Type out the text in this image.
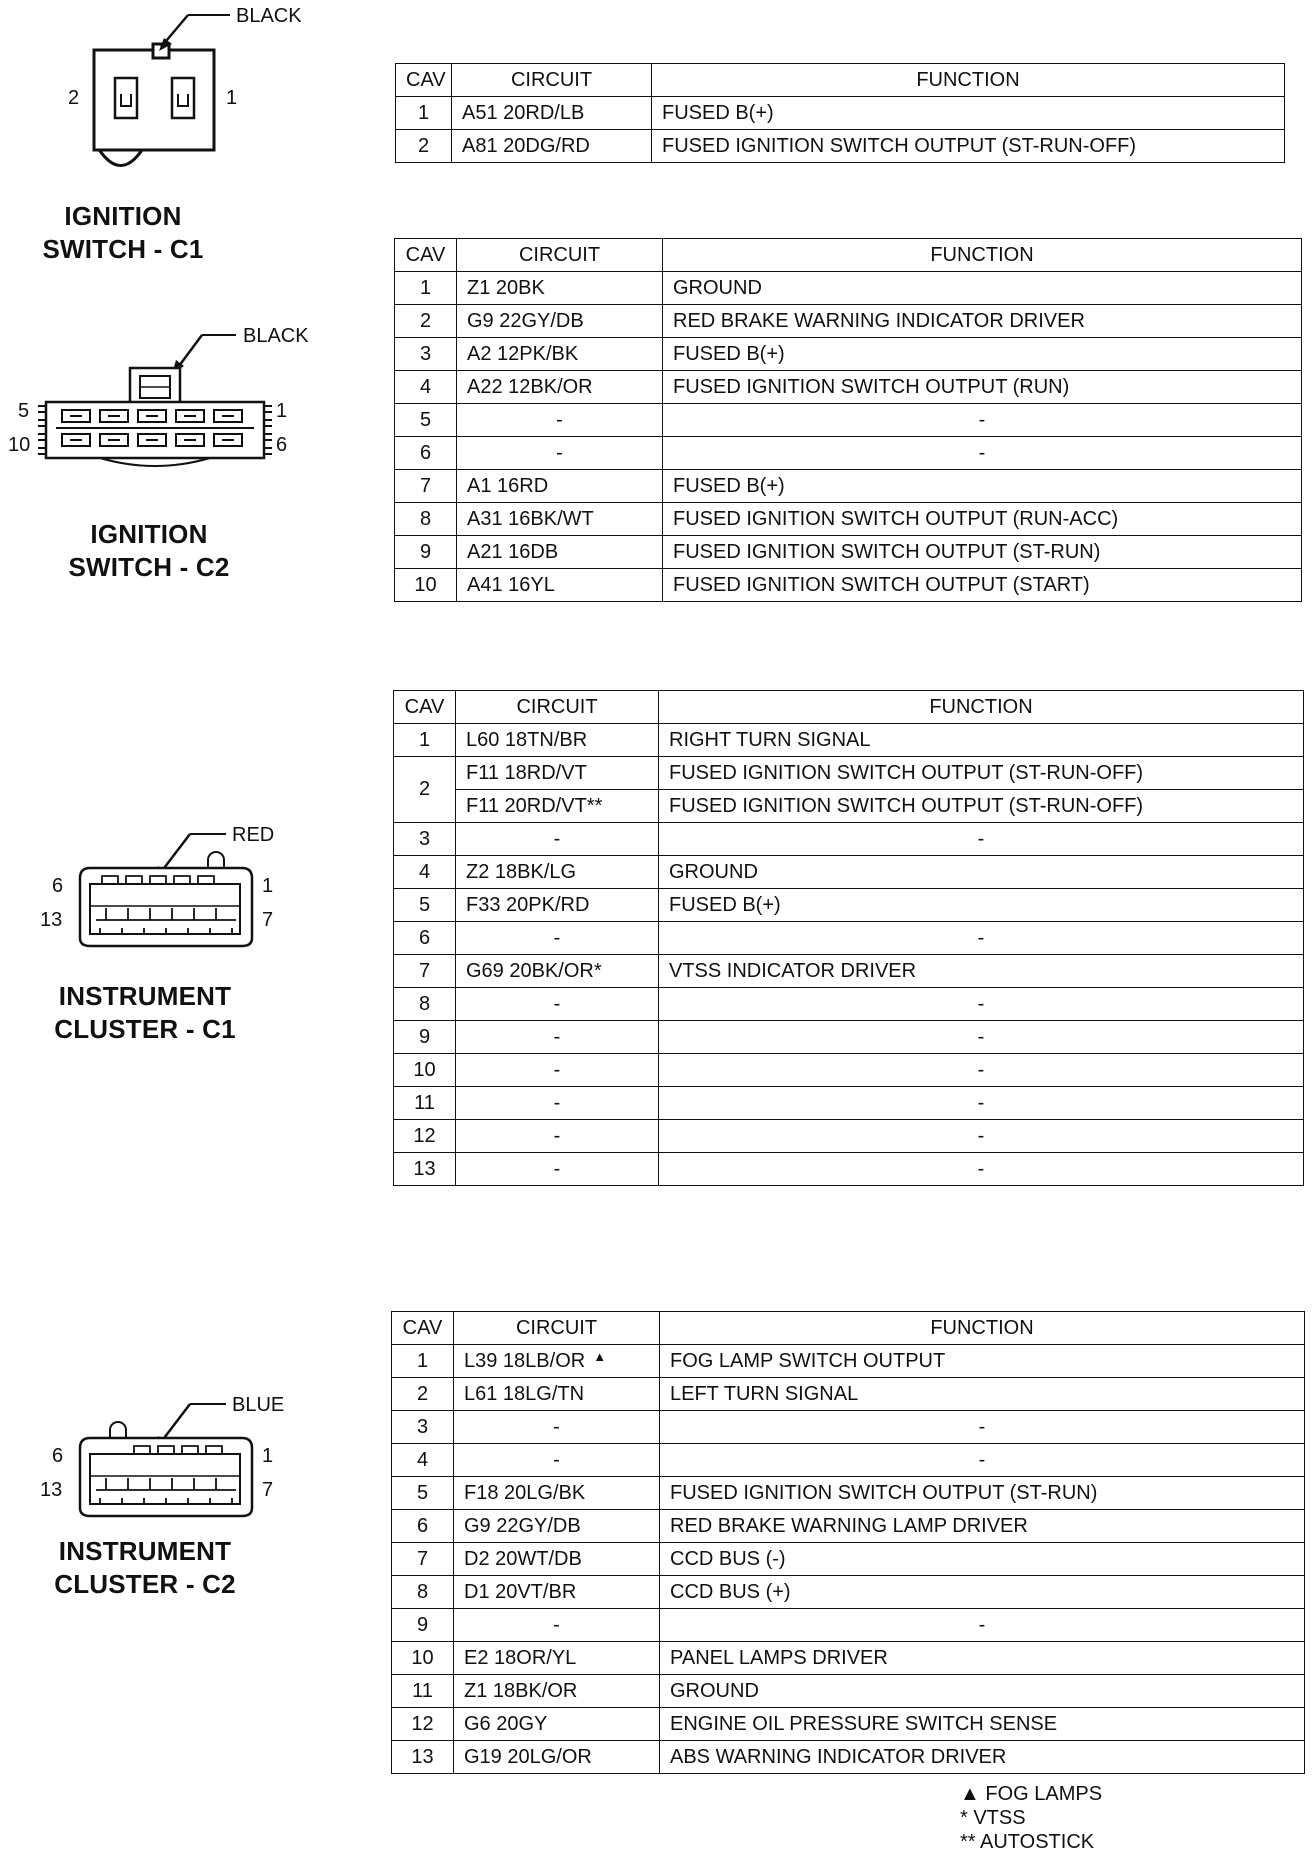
BLACK
2	1
IGNITION
SWITCH - C1
CAV	CIRCUIT	FUNCTION
1	A51 20RD/LB	FUSED B(+)
2	A81 20DG/RD	FUSED IGNITION SWITCH OUTPUT (ST-RUN-OFF)
BLACK
5	1
10	6
IGNITION
SWITCH - C2
CAV	CIRCUIT	FUNCTION
1	Z1 20BK	GROUND
2	G9 22GY/DB	RED BRAKE WARNING INDICATOR DRIVER
3	A2 12PK/BK	FUSED B(+)
4	A22 12BK/OR	FUSED IGNITION SWITCH OUTPUT (RUN)
5	-	-
6	-	-
7	A1 16RD	FUSED B(+)
8	A31 16BK/WT	FUSED IGNITION SWITCH OUTPUT (RUN-ACC)
9	A21 16DB	FUSED IGNITION SWITCH OUTPUT (ST-RUN)
10	A41 16YL	FUSED IGNITION SWITCH OUTPUT (START)
RED
6	1
13	7
INSTRUMENT
CLUSTER - C1
CAV	CIRCUIT	FUNCTION
1	L60 18TN/BR	RIGHT TURN SIGNAL
2	F11 18RD/VT	FUSED IGNITION SWITCH OUTPUT (ST-RUN-OFF)
	F11 20RD/VT**	FUSED IGNITION SWITCH OUTPUT (ST-RUN-OFF)
3	-	-
4	Z2 18BK/LG	GROUND
5	F33 20PK/RD	FUSED B(+)
6	-	-
7	G69 20BK/OR*	VTSS INDICATOR DRIVER
8	-	-
9	-	-
10	-	-
11	-	-
12	-	-
13	-	-
BLUE
6	1
13	7
INSTRUMENT
CLUSTER - C2
CAV	CIRCUIT	FUNCTION
1	L39 18LB/OR ▲	FOG LAMP SWITCH OUTPUT
2	L61 18LG/TN	LEFT TURN SIGNAL
3	-	-
4	-	-
5	F18 20LG/BK	FUSED IGNITION SWITCH OUTPUT (ST-RUN)
6	G9 22GY/DB	RED BRAKE WARNING LAMP DRIVER
7	D2 20WT/DB	CCD BUS (-)
8	D1 20VT/BR	CCD BUS (+)
9	-	-
10	E2 18OR/YL	PANEL LAMPS DRIVER
11	Z1 18BK/OR	GROUND
12	G6 20GY	ENGINE OIL PRESSURE SWITCH SENSE
13	G19 20LG/OR	ABS WARNING INDICATOR DRIVER
▲ FOG LAMPS
* VTSS
** AUTOSTICK
